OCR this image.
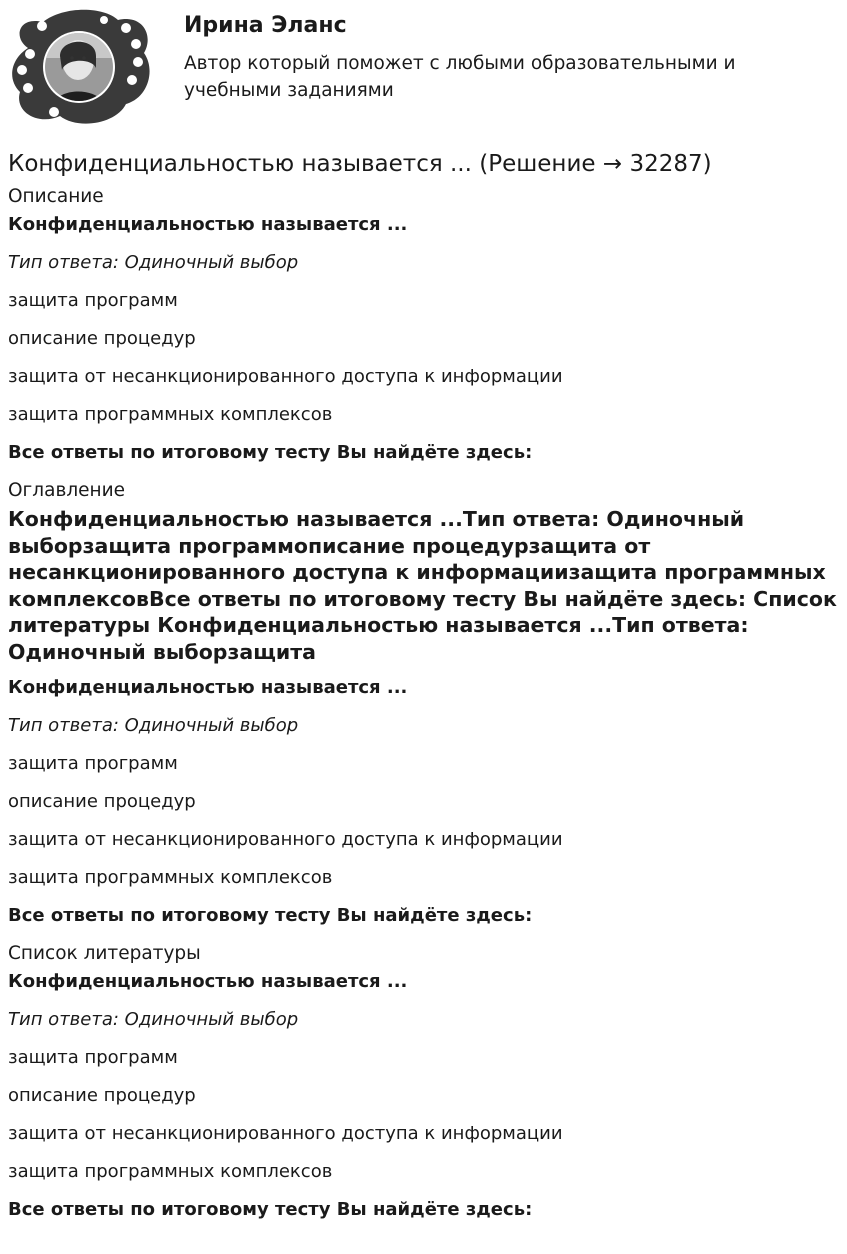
Ирина Эланс
Автор который поможет с любыми образовательными и учебными заданиями
Конфиденциальностью называется ... (Решение → 32287)
Описание

Конфиденциальностью называется ...

Тип ответа: Одиночный выбор

защита программ

описание процедур

защита от несанкционированного доступа к информации

защита программных комплексов

Все ответы по итоговому тесту Вы найдёте здесь:

Оглавление
Конфиденциальностью называется ...Тип ответа: Одиночный выборзащита программописание процедурзащита от несанкционированного доступа к информациизащита программных комплексовВсе ответы по итоговому тесту Вы найдёте здесь: Список литературы Конфиденциальностью называется ...Тип ответа: Одиночный выборзащита

Конфиденциальностью называется ...

Тип ответа: Одиночный выбор

защита программ

описание процедур

защита от несанкционированного доступа к информации

защита программных комплексов

Все ответы по итоговому тесту Вы найдёте здесь:

Список литературы

Конфиденциальностью называется ...

Тип ответа: Одиночный выбор

защита программ

описание процедур

защита от несанкционированного доступа к информации

защита программных комплексов

Все ответы по итоговому тесту Вы найдёте здесь:
